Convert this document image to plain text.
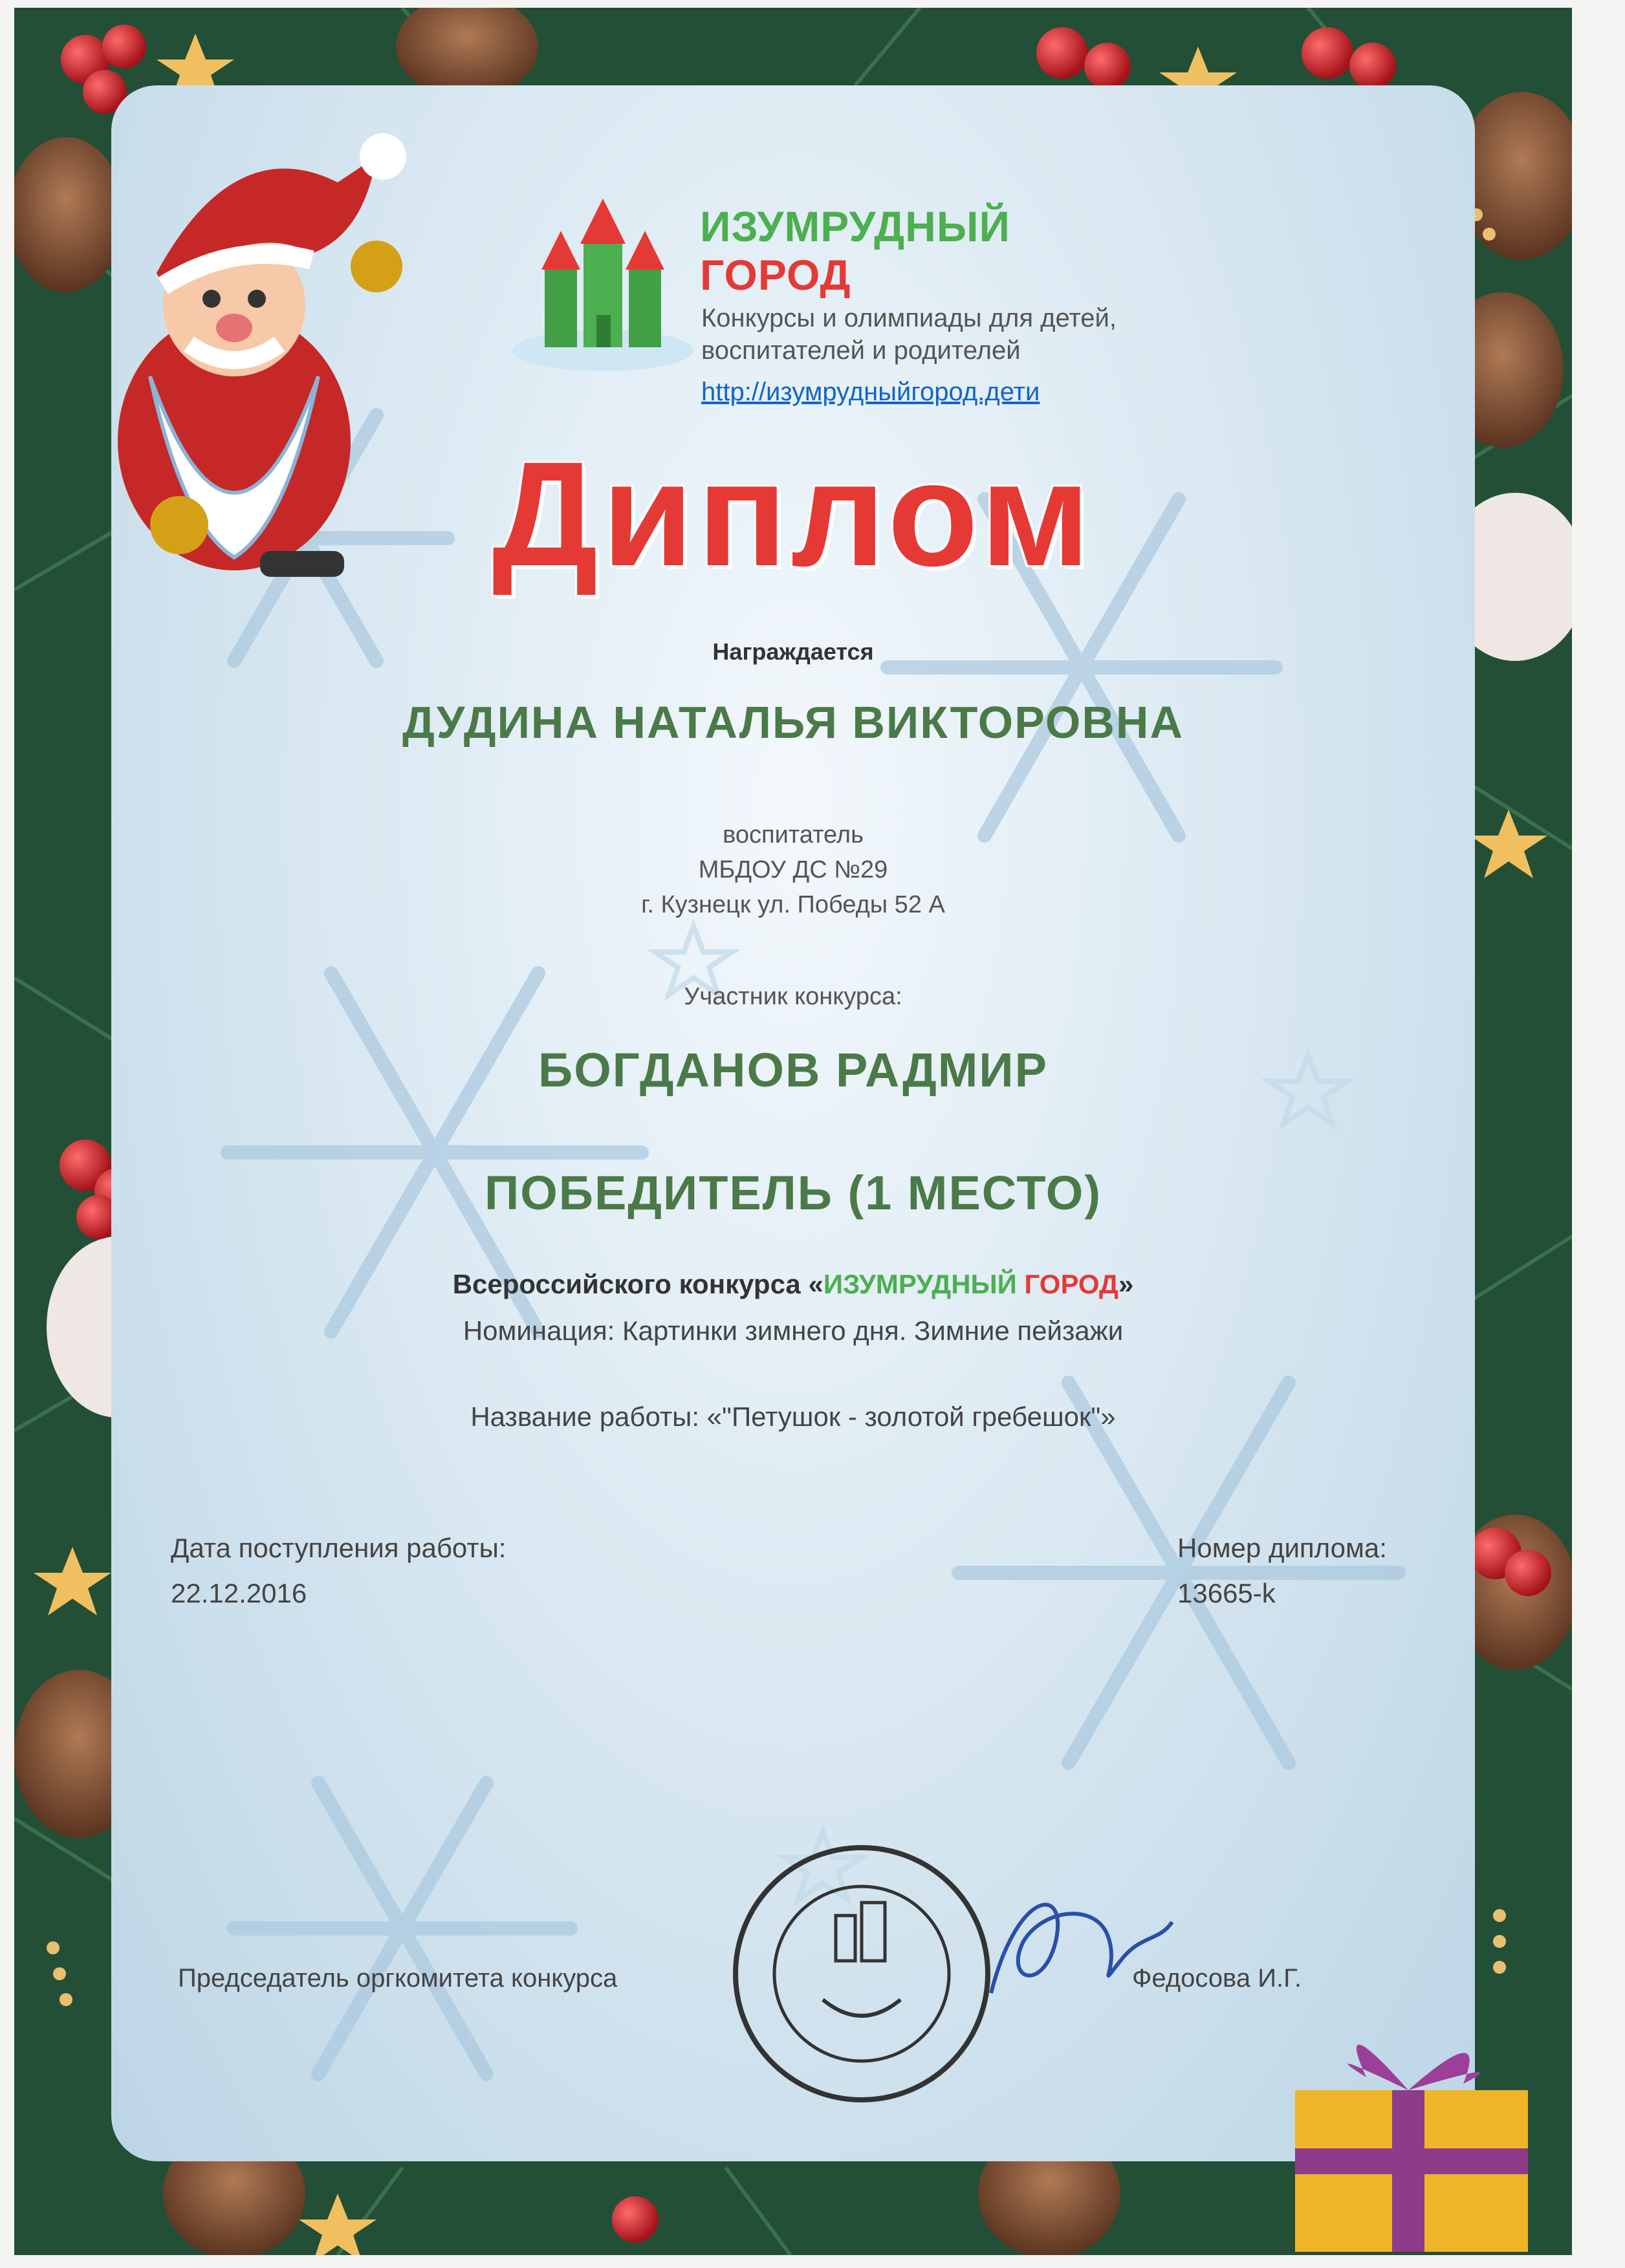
ИЗУМРУДНЫЙ
ГОРОД
Конкурсы и олимпиады для детей,
воспитателей и родителей
http://изумрудныйгород.дети
Диплом
Награждается
ДУДИНА НАТАЛЬЯ ВИКТОРОВНА
воспитатель
МБДОУ ДС №29
г. Кузнецк ул. Победы 52 А
Участник конкурса:
БОГДАНОВ РАДМИР
ПОБЕДИТЕЛЬ (1 МЕСТО)
Всероссийского конкурса «ИЗУМРУДНЫЙ ГОРОД»
Номинация: Картинки зимнего дня. Зимние пейзажи
Название работы: «"Петушок - золотой гребешок"»
Дата поступления работы:
22.12.2016
Номер диплома:
13665-k
Председатель оргкомитета конкурса	Федосова И.Г.
